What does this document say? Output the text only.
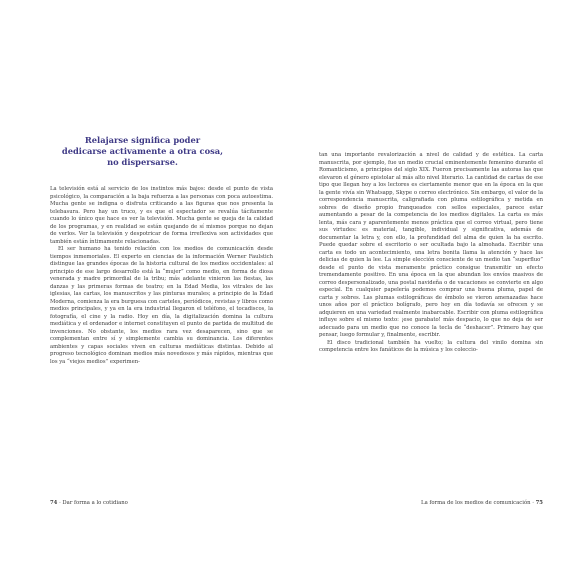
Relajarse significa poder
dedicarse activamente a otra cosa,
no dispersarse.

La televisión está al servicio de los instintos más bajos: desde el punto de vista psicológico, la comparación a la baja refuerza a las personas con poca autoestima. Mucha gente se indigna o disfruta criticando a las figuras que nos presenta la telebasura. Pero hay un truco, y es que el espectador se revalúa tácitamente cuando lo único que hace es ver la televisión. Mucha gente se queja de la calidad de los programas, y en realidad se están quejando de sí mismos porque no dejan de verlos. Ver la televisión y despotricar de forma irreflexiva son actividades que también están íntimamente relacionadas.

El ser humano ha tenido relación con los medios de comunicación desde tiempos inmemoriales. El experto en ciencias de la información Werner Faulstich distingue las grandes épocas de la historia cultural de los medios occidentales: al principio de ese largo desarrollo está la “mujer” como medio, en forma de diosa venerada y madre primordial de la tribu; más adelante vinieron las fiestas, las danzas y las primeras formas de teatro; en la Edad Media, los vitrales de las iglesias, las cartas, los manuscritos y las pinturas murales; a principio de la Edad Moderna, comienza la era burguesa con carteles, periódicos, revistas y libros como medios principales, y ya en la era industrial llegaron el teléfono, el tocadiscos, la fotografía, el cine y la radio. Hoy en día, la digitalización domina la cultura mediática y el ordenador e internet constituyen el punto de partida de multitud de invenciones. No obstante, los medios rara vez desaparecen, sino que se complementan entre sí y simplemente cambia su dominancia. Los diferentes ambientes y capas sociales viven en culturas mediáticas distintas. Debido al progreso tecnológico dominan medios más novedosos y más rápidos, mientras que los ya “viejos medios” experimen-

74 · Dar forma a lo cotidiano

tan una importante revalorización a nivel de calidad y de estética. La carta manuscrita, por ejemplo, fue un medio crucial eminentemente femenino durante el Romanticismo, a principios del siglo XIX. Fueron precisamente las autoras las que elevaron el género epistolar al más alto nivel literario. La cantidad de cartas de ese tipo que llegan hoy a los lectores es ciertamente menor que en la época en la que la gente vivía sin Whatsapp, Skype o correo electrónico. Sin embargo, el valor de la correspondencia manuscrita, caligrafiada con pluma estilográfica y metida en sobres de diseño propio franqueados con sellos especiales, parece estar aumentando a pesar de la competencia de los medios digitales. La carta es más lenta, más cara y aparentemente menos práctica que el correo virtual, pero tiene sus virtudes: es material, tangible, individual y significativa, además de documentar la letra y, con ello, la profundidad del alma de quien la ha escrito. Puede quedar sobre el escritorio o ser ocultada bajo la almohada. Escribir una carta es todo un acontecimiento, una letra bonita llama la atención y hace las delicias de quien la lee. La simple elección consciente de un medio tan “superfluo” desde el punto de vista meramente práctico consigue transmitir un efecto tremendamente positivo. En una época en la que abundan los envíos masivos de correo despersonalizado, una postal navideña o de vacaciones se convierte en algo especial. En cualquier papelería podemos comprar una buena pluma, papel de carta y sobres. Las plumas estilográficas de émbolo se vieron amenazadas hace unos años por el práctico bolígrafo, pero hoy en día todavía se ofrecen y se adquieren en una variedad realmente inabarcable. Escribir con pluma estilográfica influye sobre el mismo texto: ¡ese garabato! más despacio, lo que no deja de ser adecuado para un medio que no conoce la tecla de “deshacer”. Primero hay que pensar, luego formular y, finalmente, escribir.

El disco tradicional también ha vuelto; la cultura del vinilo domina sin competencia entre los fanáticos de la música y los coleccio-

La forma de los medios de comunicación · 75
